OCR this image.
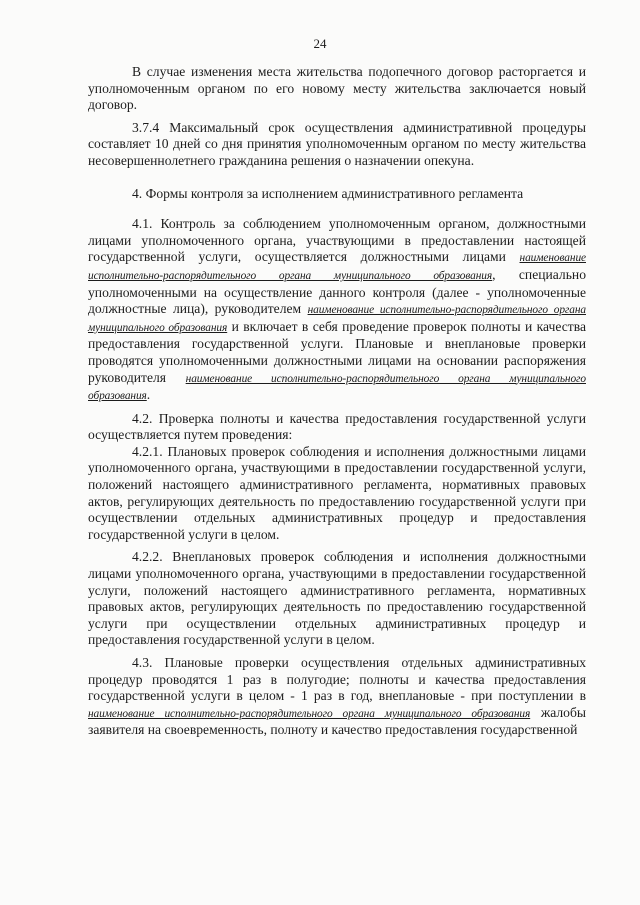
24

В случае изменения места жительства подопечного договор расторгается и уполномоченным органом по его новому месту жительства заключается новый договор.

3.7.4 Максимальный срок осуществления административной процедуры составляет 10 дней со дня принятия уполномоченным органом по месту жительства несовершеннолетнего гражданина решения о назначении опекуна.

4. Формы контроля за исполнением административного регламента

4.1. Контроль за соблюдением уполномоченным органом, должностными лицами уполномоченного органа, участвующими в предоставлении настоящей государственной услуги, осуществляется должностными лицами наименование исполнительно-распорядительного органа муниципального образования, специально уполномоченными на осуществление данного контроля (далее - уполномоченные должностные лица), руководителем наименование исполнительно-распорядительного органа муниципального образования и включает в себя проведение проверок полноты и качества предоставления государственной услуги. Плановые и внеплановые проверки проводятся уполномоченными должностными лицами на основании распоряжения руководителя наименование исполнительно-распорядительного органа муниципального образования.

4.2. Проверка полноты и качества предоставления государственной услуги осуществляется путем проведения:

4.2.1. Плановых проверок соблюдения и исполнения должностными лицами уполномоченного органа, участвующими в предоставлении государственной услуги, положений настоящего административного регламента, нормативных правовых актов, регулирующих деятельность по предоставлению государственной услуги при осуществлении отдельных административных процедур и предоставления государственной услуги в целом.

4.2.2. Внеплановых проверок соблюдения и исполнения должностными лицами уполномоченного органа, участвующими в предоставлении государственной услуги, положений настоящего административного регламента, нормативных правовых актов, регулирующих деятельность по предоставлению государственной услуги при осуществлении отдельных административных процедур и предоставления государственной услуги в целом.

4.3. Плановые проверки осуществления отдельных административных процедур проводятся 1 раз в полугодие; полноты и качества предоставления государственной услуги в целом - 1 раз в год, внеплановые - при поступлении в наименование исполнительно-распорядительного органа муниципального образования жалобы заявителя на своевременность, полноту и качество предоставления государственной
